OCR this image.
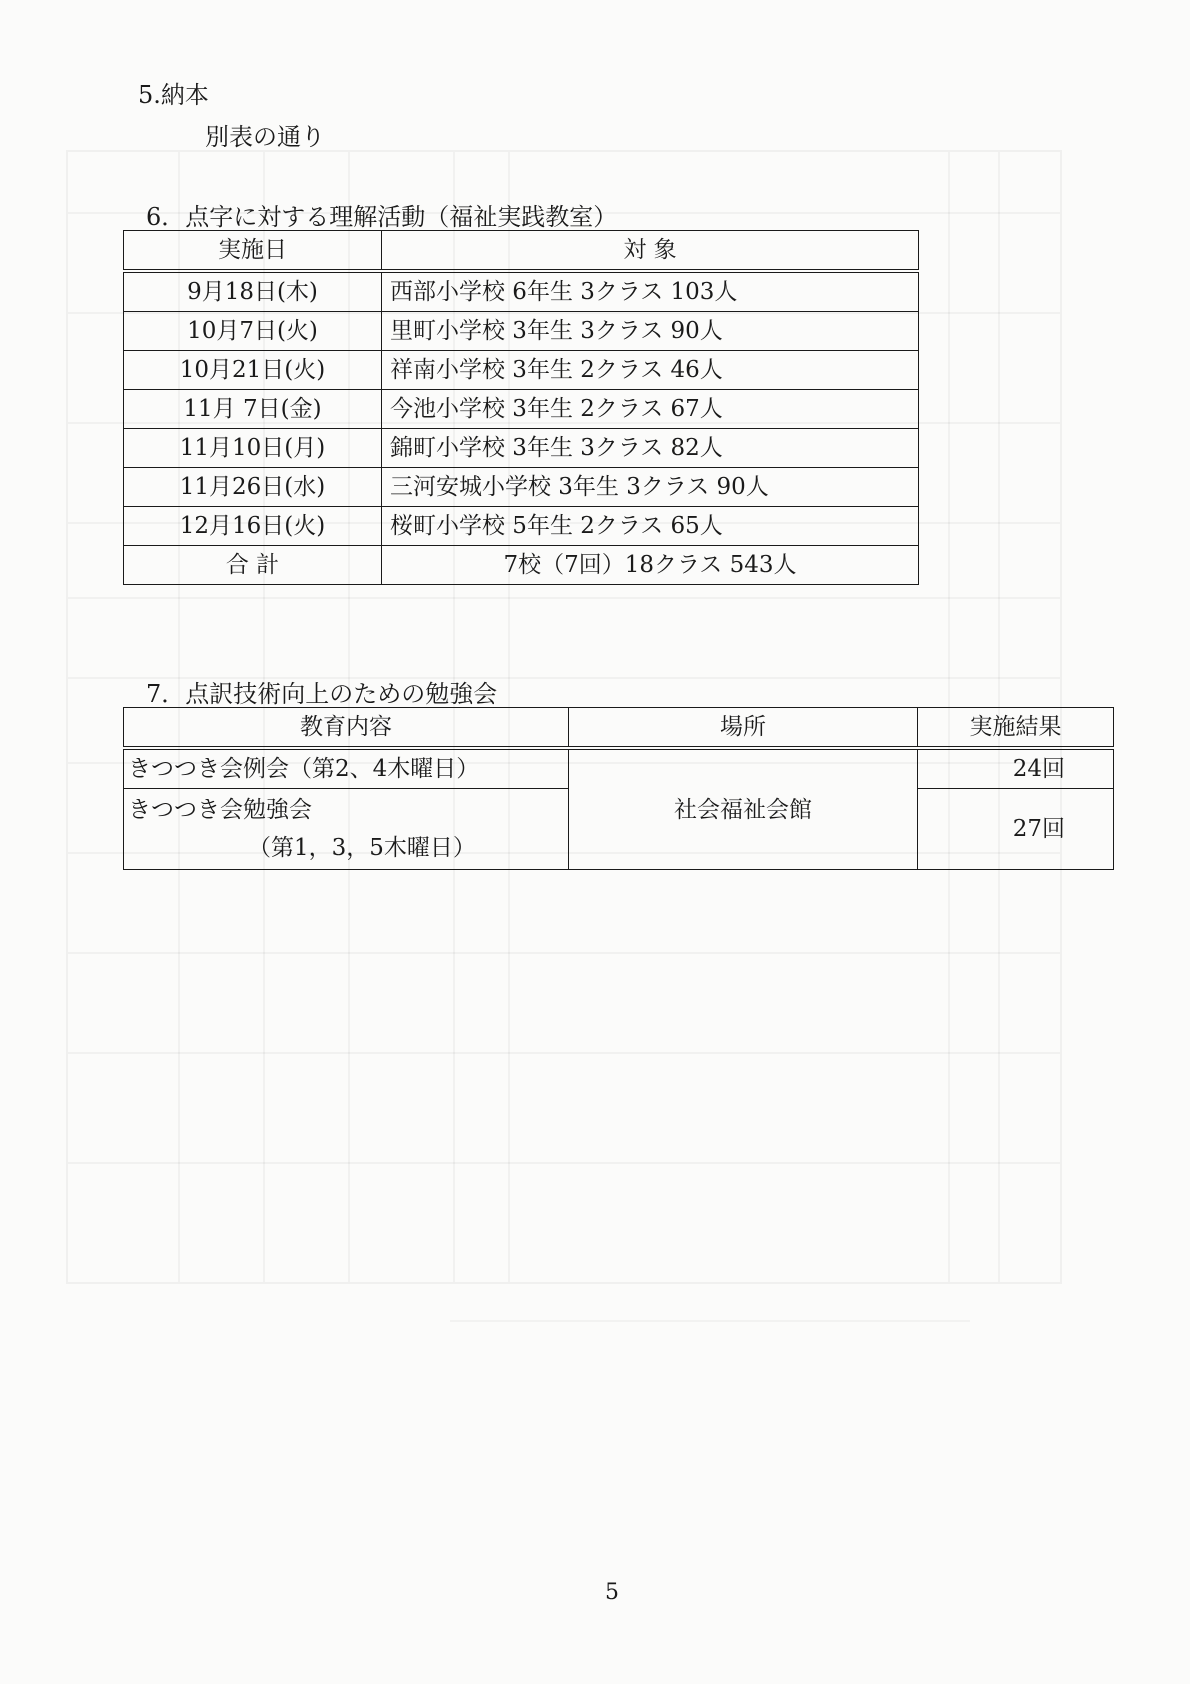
5.納本
別表の通り
6．点字に対する理解活動（福祉実践教室）
実施日	対 象
9月18日(木)	西部小学校 6年生 3クラス 103人
10月7日(火)	里町小学校 3年生 3クラス 90人
10月21日(火)	祥南小学校 3年生 2クラス 46人
11月 7日(金)	今池小学校 3年生 2クラス 67人
11月10日(月)	錦町小学校 3年生 3クラス 82人
11月26日(水)	三河安城小学校 3年生 3クラス 90人
12月16日(火)	桜町小学校 5年生 2クラス 65人
合 計	7校（7回）18クラス 543人
7．点訳技術向上のための勉強会
教育内容	場所	実施結果
きつつき会例会（第2、4木曜日）	社会福祉会館	24回
きつつき会勉強会
（第1，3，5木曜日）		27回
5
